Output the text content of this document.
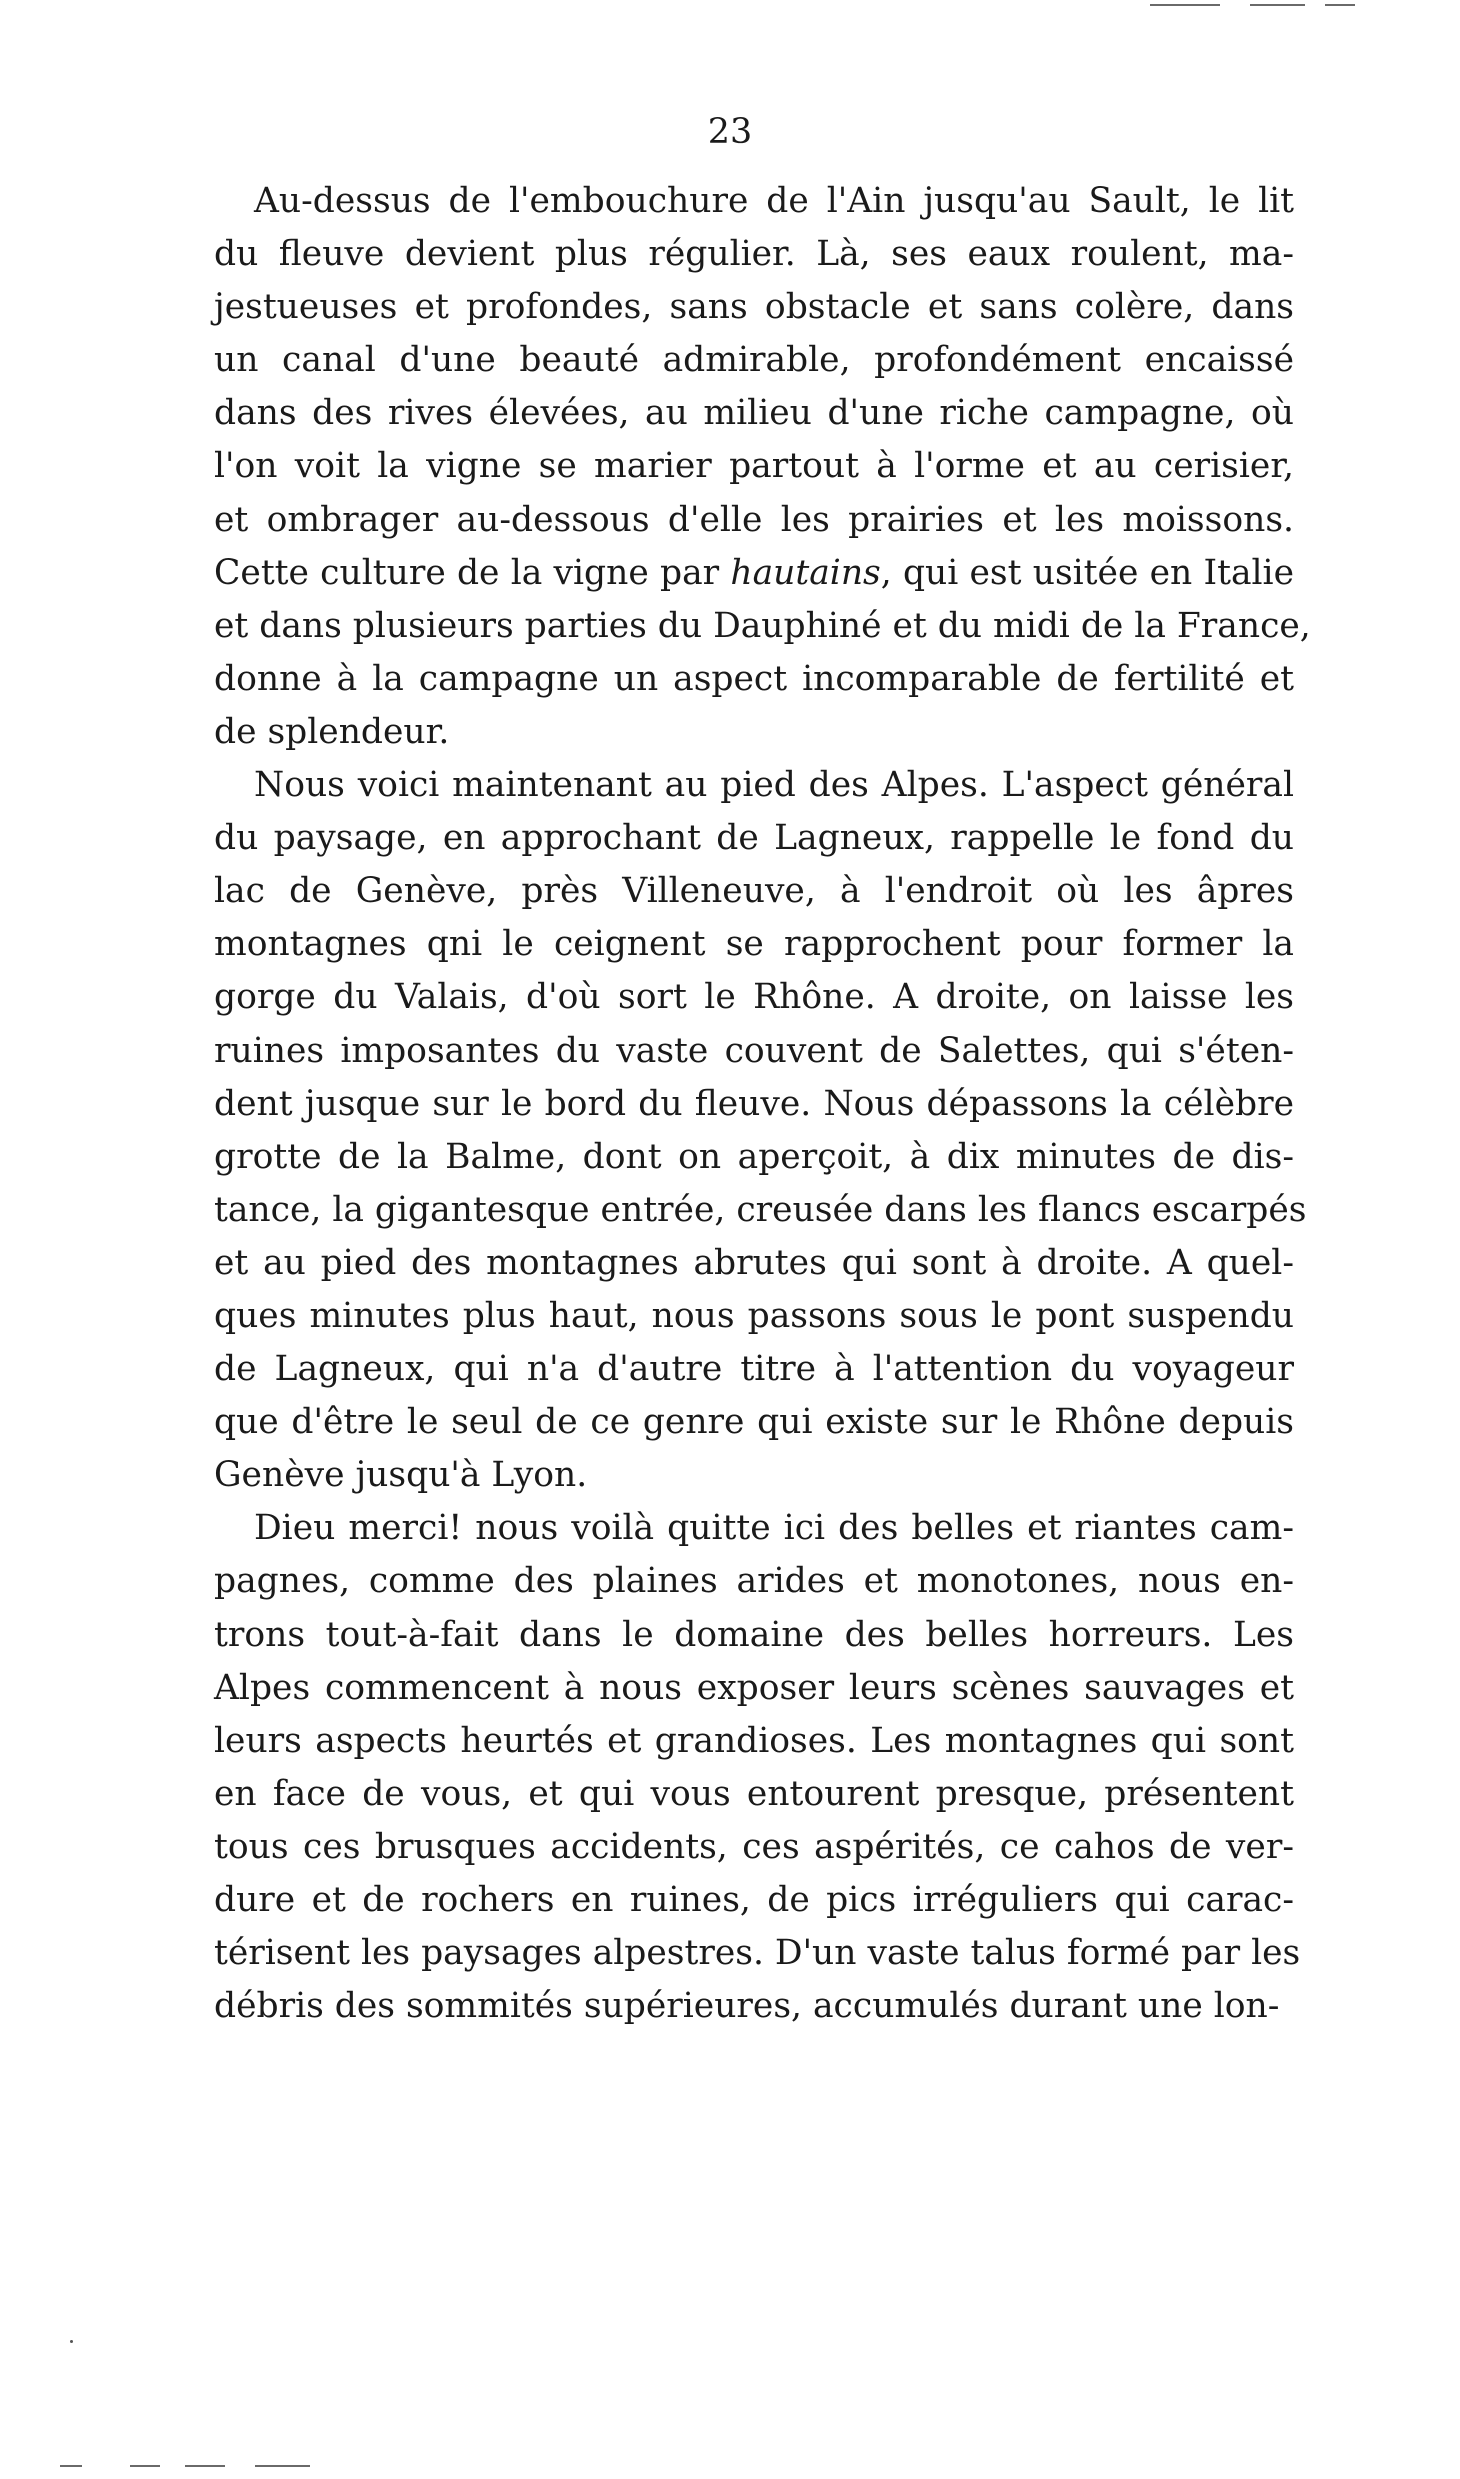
23
Au-dessus de l'embouchure de l'Ain jusqu'au Sault, le lit
du fleuve devient plus régulier. Là, ses eaux roulent, ma-
jestueuses et profondes, sans obstacle et sans colère, dans
un canal d'une beauté admirable, profondément encaissé
dans des rives élevées, au milieu d'une riche campagne, où
l'on voit la vigne se marier partout à l'orme et au cerisier,
et ombrager au-dessous d'elle les prairies et les moissons.
Cette culture de la vigne par hautains, qui est usitée en Italie
et dans plusieurs parties du Dauphiné et du midi de la France,
donne à la campagne un aspect incomparable de fertilité et
de splendeur.
Nous voici maintenant au pied des Alpes. L'aspect général
du paysage, en approchant de Lagneux, rappelle le fond du
lac de Genève, près Villeneuve, à l'endroit où les âpres
montagnes qni le ceignent se rapprochent pour former la
gorge du Valais, d'où sort le Rhône. A droite, on laisse les
ruines imposantes du vaste couvent de Salettes, qui s'éten-
dent jusque sur le bord du fleuve. Nous dépassons la célèbre
grotte de la Balme, dont on aperçoit, à dix minutes de dis-
tance, la gigantesque entrée, creusée dans les flancs escarpés
et au pied des montagnes abrutes qui sont à droite. A quel-
ques minutes plus haut, nous passons sous le pont suspendu
de Lagneux, qui n'a d'autre titre à l'attention du voyageur
que d'être le seul de ce genre qui existe sur le Rhône depuis
Genève jusqu'à Lyon.
Dieu merci! nous voilà quitte ici des belles et riantes cam-
pagnes, comme des plaines arides et monotones, nous en-
trons tout-à-fait dans le domaine des belles horreurs. Les
Alpes commencent à nous exposer leurs scènes sauvages et
leurs aspects heurtés et grandioses. Les montagnes qui sont
en face de vous, et qui vous entourent presque, présentent
tous ces brusques accidents, ces aspérités, ce cahos de ver-
dure et de rochers en ruines, de pics irréguliers qui carac-
térisent les paysages alpestres. D'un vaste talus formé par les
débris des sommités supérieures, accumulés durant une lon-
